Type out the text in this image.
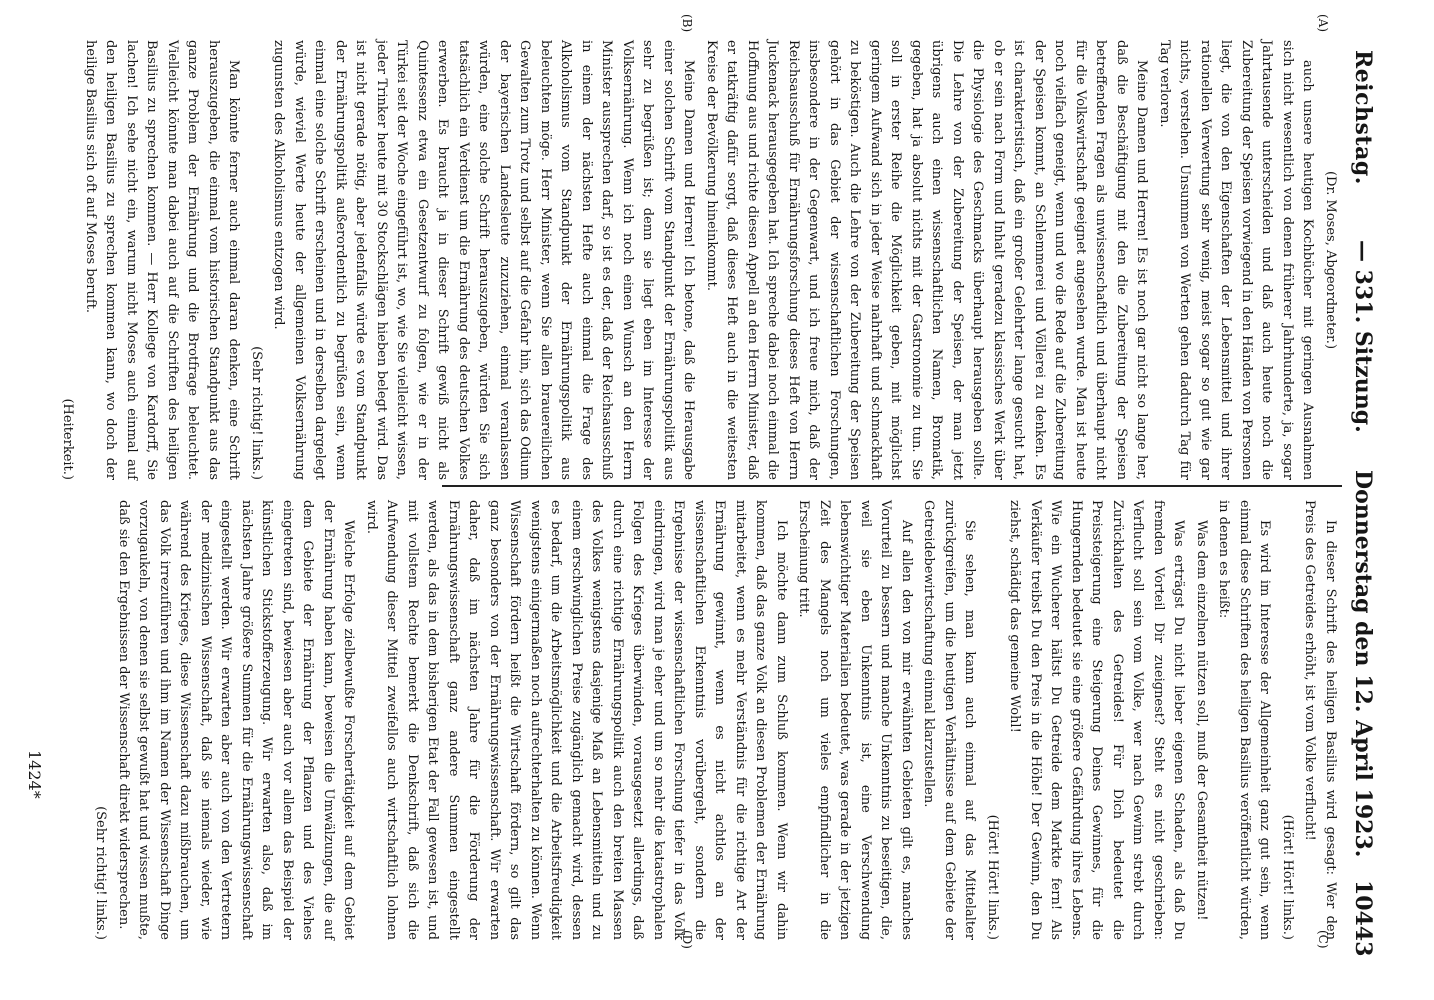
Reichstag.
— 331. Sitzung.
Donnerstag den 12. April 1923.
10443
(A)
(B)
(C)
(D)

(Dr. Moses, Abgeordneter.)

auch unsere heutigen Kochbücher mit geringen Ausnahmen sich nicht wesentlich von denen früherer Jahrhunderte, ja, sogar Jahrtausende unterscheiden und daß auch heute noch die Zubereitung der Speisen vorwiegend in den Händen von Personen liegt, die von den Eigenschaften der Lebensmittel und ihrer rationellen Verwertung sehr wenig, meist sogar so gut wie gar nichts, verstehen. Unsummen von Werten gehen dadurch Tag für Tag verloren.

Meine Damen und Herren! Es ist noch gar nicht so lange her, daß die Beschäftigung mit den die Zubereitung der Speisen betreffenden Fragen als unwissenschaftlich und überhaupt nicht für die Volkswirtschaft geeignet angesehen wurde. Man ist heute noch vielfach geneigt, wenn und wo die Rede auf die Zubereitung der Speisen kommt, an Schlemmerei und Völlerei zu denken. Es ist charakteristisch, daß ein großer Gelehrter lange gesucht hat, ob er sein nach Form und Inhalt geradezu klassisches Werk über die Physiologie des Geschmacks überhaupt herausgeben sollte. Die Lehre von der Zubereitung der Speisen, der man jetzt übrigens auch einen wissenschaftlichen Namen, Bromatik, gegeben, hat ja absolut nichts mit der Gastronomie zu tun. Sie soll in erster Reihe die Möglichkeit geben, mit möglichst geringem Aufwand sich in jeder Weise nahrhaft und schmackhaft zu beköstigen. Auch die Lehre von der Zubereitung der Speisen gehört in das Gebiet der wissenschaftlichen Forschungen, insbesondere in der Gegenwart, und ich freue mich, daß der Reichsausschuß für Ernährungsforschung dieses Heft von Herrn Juckenack herausgegeben hat. Ich spreche dabei noch einmal die Hoffnung aus und richte diesen Appell an den Herrn Minister, daß er tatkräftig dafür sorgt, daß dieses Heft auch in die weitesten Kreise der Bevölkerung hineinkommt.

Meine Damen und Herren! Ich betone, daß die Herausgabe einer solchen Schrift vom Standpunkt der Ernährungspolitik aus sehr zu begrüßen ist; denn sie liegt eben im Interesse der Volksernährung. Wenn ich noch einen Wunsch an den Herrn Minister aussprechen darf, so ist es der, daß der Reichsausschuß in einem der nächsten Hefte auch einmal die Frage des Alkoholismus vom Standpunkt der Ernährungspolitik aus beleuchten möge. Herr Minister, wenn Sie allen brauereilichen Gewalten zum Trotz und selbst auf die Gefahr hin, sich das Odium der bayerischen Landesleute zuzuziehen, einmal veranlassen würden, eine solche Schrift herauszugeben, würden Sie sich tatsächlich ein Verdienst um die Ernährung des deutschen Volkes erwerben. Es braucht ja in dieser Schrift gewiß nicht als Quintessenz etwa ein Gesetzentwurf zu folgen, wie er in der Türkei seit der Woche eingeführt ist, wo, wie Sie vielleicht wissen, jeder Trinker heute mit 30 Stockschlägen hieben belegt wird. Das ist nicht gerade nötig, aber jedenfalls würde es vom Standpunkt der Ernährungspolitik außerordentlich zu begrüßen sein, wenn einmal eine solche Schrift erscheinen und in derselben dargelegt würde, wieviel Werte heute der allgemeinen Volksernährung zugunsten des Alkoholismus entzogen wird.

(Sehr richtig! links.)

Man könnte ferner auch einmal daran denken, eine Schrift herauszugeben, die einmal vom historischen Standpunkt aus das ganze Problem der Ernährung und die Brotfrage beleuchtet. Vielleicht könnte man dabei auch auf die Schriften des heiligen Basilius zu sprechen kommen. — Herr Kollege von Kardorff, Sie lachen! Ich sehe nicht ein, warum nicht Moses auch einmal auf den heiligen Basilius zu sprechen kommen kann, wo doch der heilige Basilius sich oft auf Moses beruft.

(Heiterkeit.)

In dieser Schrift des heiligen Basilius wird gesagt: Wer den Preis des Getreides erhöht, ist vom Volke verflucht!

(Hört! Hört! links.)

Es wird im Interesse der Allgemeinheit ganz gut sein, wenn einmal diese Schriften des heiligen Basilius veröffentlicht würden, in denen es heißt:

Was dem einzelnen nützen soll, muß der Gesamtheit nützen!

Was erträgst Du nicht lieber eigenen Schaden, als daß Du fremden Vorteil Dir zueignest? Steht es nicht geschrieben: Verflucht soll sein vom Volke, wer nach Gewinn strebt durch Zurückhalten des Getreides! Für Dich bedeutet die Preissteigerung eine Steigerung Deines Gewinnes, für die Hungernden bedeutet sie eine größere Gefährdung ihres Lebens. Wie ein Wucherer hältst Du Getreide dem Markte fern! Als Verkäufer treibst Du den Preis in die Höhe! Der Gewinn, den Du ziehst, schädigt das gemeine Wohl!

(Hört! Hört! links.)

Sie sehen, man kann auch einmal auf das Mittelalter zurückgreifen, um die heutigen Verhältnisse auf dem Gebiete der Getreidebewirtschaftung einmal klarzustellen.

Auf allen den von mir erwähnten Gebieten gilt es, manches Vorurteil zu bessern und manche Unkenntnis zu beseitigen, die, weil sie eben Unkenntnis ist, eine Verschwendung lebenswichtiger Materialien bedeutet, was gerade in der jetzigen Zeit des Mangels noch um vieles empfindlicher in die Erscheinung tritt.

Ich möchte dann zum Schluß kommen. Wenn wir dahin kommen, daß das ganze Volk an diesen Problemen der Ernährung mitarbeitet, wenn es mehr Verständnis für die richtige Art der Ernährung gewinnt, wenn es nicht achtlos an der wissenschaftlichen Erkenntnis vorübergeht, sondern die Ergebnisse der wissenschaftlichen Forschung tiefer in das Volk eindringen, wird man je eher und um so mehr die katastrophalen Folgen des Krieges überwinden, vorausgesetzt allerdings, daß durch eine richtige Ernährungspolitik auch den breiten Massen des Volkes wenigstens dasjenige Maß an Lebensmitteln und zu einem erschwinglichen Preise zugänglich gemacht wird, dessen es bedarf, um die Arbeitsmöglichkeit und die Arbeitsfreudigkeit wenigstens einigermaßen noch aufrechterhalten zu können. Wenn Wissenschaft fördern heißt die Wirtschaft fördern, so gilt das ganz besonders von der Ernährungswissenschaft. Wir erwarten daher, daß im nächsten Jahre für die Förderung der Ernährungswissenschaft ganz andere Summen eingestellt werden, als das in dem bisherigen Etat der Fall gewesen ist, und mit vollstem Rechte bemerkt die Denkschrift, daß sich die Aufwendung dieser Mittel zweifellos auch wirtschaftlich lohnen wird.

Welche Erfolge zielbewußte Forschertätigkeit auf dem Gebiet der Ernährung haben kann, beweisen die Umwälzungen, die auf dem Gebiete der Ernährung der Pflanzen und des Viehes eingetreten sind, bewiesen aber auch vor allem das Beispiel der künstlichen Stickstofferzeugung. Wir erwarten also, daß im nächsten Jahre größere Summen für die Ernährungswissenschaft eingestellt werden. Wir erwarten aber auch von den Vertretern der medizinischen Wissenschaft, daß sie niemals wieder, wie während des Krieges, diese Wissenschaft dazu mißbrauchen, um das Volk irrezuführen und ihm im Namen der Wissenschaft Dinge vorzugaukeln, von denen sie selbst gewußt hat und wissen mußte, daß sie den Ergebnissen der Wissenschaft direkt widersprechen.

(Sehr richtig! links.)

1424*
